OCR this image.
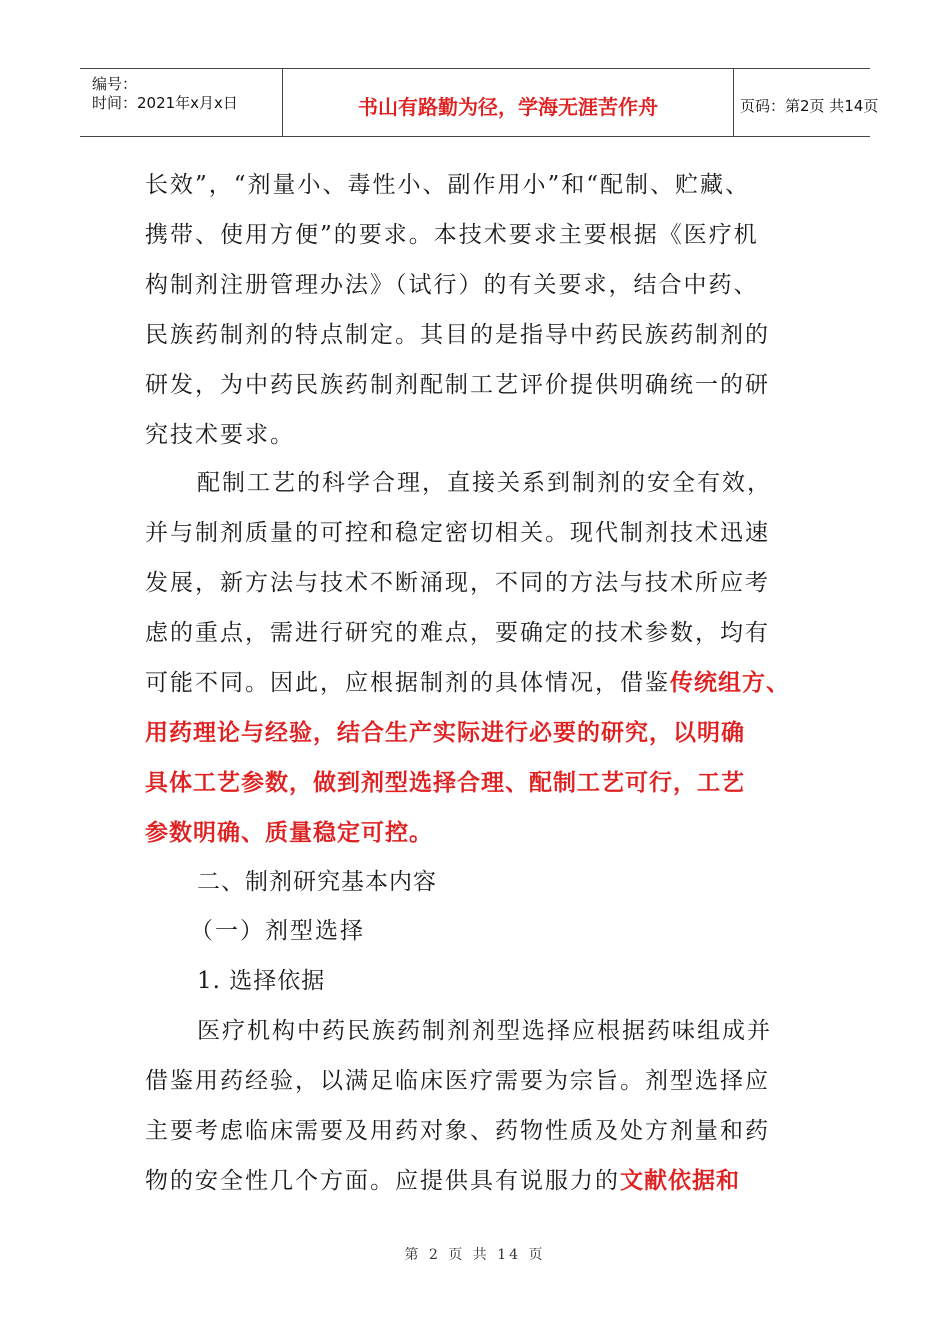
编号：
时间：2021年x月x日	书山有路勤为径，学海无涯苦作舟	页码：第2页 共14页
长效”，“剂量小、毒性小、副作用小”和“配制、贮藏、
携带、使用方便”的要求。本技术要求主要根据《医疗机
构制剂注册管理办法》（试行）的有关要求，结合中药、
民族药制剂的特点制定。其目的是指导中药民族药制剂的
研发，为中药民族药制剂配制工艺评价提供明确统一的研
究技术要求。
配制工艺的科学合理，直接关系到制剂的安全有效，
并与制剂质量的可控和稳定密切相关。现代制剂技术迅速
发展，新方法与技术不断涌现，不同的方法与技术所应考
虑的重点，需进行研究的难点，要确定的技术参数，均有
可能不同。因此，应根据制剂的具体情况，借鉴传统组方、
用药理论与经验，结合生产实际进行必要的研究，以明确
具体工艺参数，做到剂型选择合理、配制工艺可行，工艺
参数明确、质量稳定可控。
二、制剂研究基本内容
（一）剂型选择
1. 选择依据
医疗机构中药民族药制剂剂型选择应根据药味组成并
借鉴用药经验，以满足临床医疗需要为宗旨。剂型选择应
主要考虑临床需要及用药对象、药物性质及处方剂量和药
物的安全性几个方面。应提供具有说服力的文献依据和
第 2 页 共 14 页
